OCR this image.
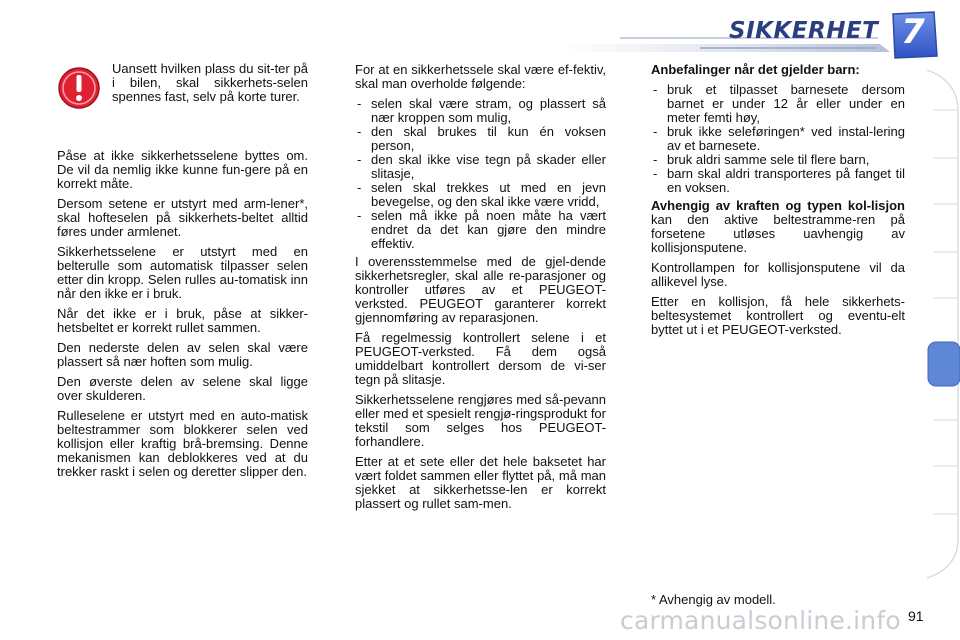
SIKKERHET 7
Uansett hvilken plass du sit-ter på i bilen, skal sikkerhets-selen spennes fast, selv på korte turer.

Påse at ikke sikkerhetsselene byttes om. De vil da nemlig ikke kunne fun-gere på en korrekt måte.

Dersom setene er utstyrt med arm-lener*, skal hofteselen på sikkerhets-beltet alltid føres under armlenet.

Sikkerhetsselene er utstyrt med en belterulle som automatisk tilpasser selen etter din kropp. Selen rulles au-tomatisk inn når den ikke er i bruk.

Når det ikke er i bruk, påse at sikker-hetsbeltet er korrekt rullet sammen.

Den nederste delen av selen skal være plassert så nær hoften som mulig.

Den øverste delen av selene skal ligge over skulderen.

Rulleselene er utstyrt med en auto-matisk beltestrammer som blokkerer selen ved kollisjon eller kraftig brå-bremsing. Denne mekanismen kan deblokkeres ved at du trekker raskt i selen og deretter slipper den.

For at en sikkerhetssele skal være ef-fektiv, skal man overholde følgende:

- selen skal være stram, og plassert så nær kroppen som mulig,
- den skal brukes til kun én voksen person,
- den skal ikke vise tegn på skader eller slitasje,
- selen skal trekkes ut med en jevn bevegelse, og den skal ikke være vridd,
- selen må ikke på noen måte ha vært endret da det kan gjøre den mindre effektiv.

I overensstemmelse med de gjel-dende sikkerhetsregler, skal alle re-parasjoner og kontroller utføres av et PEUGEOT-verksted. PEUGEOT garanterer korrekt gjennomføring av reparasjonen.

Få regelmessig kontrollert selene i et PEUGEOT-verksted. Få dem også umiddelbart kontrollert dersom de vi-ser tegn på slitasje.

Sikkerhetsselene rengjøres med så-pevann eller med et spesielt rengjø-ringsprodukt for tekstil som selges hos PEUGEOT-forhandlere.

Etter at et sete eller det hele baksetet har vært foldet sammen eller flyttet på, må man sjekket at sikkerhetsse-len er korrekt plassert og rullet sam-men.

Anbefalinger når det gjelder barn:

- bruk et tilpasset barnesete dersom barnet er under 12 år eller under en meter femti høy,
- bruk ikke seleføringen* ved instal-lering av et barnesete.
- bruk aldri samme sele til flere barn,
- barn skal aldri transporteres på fanget til en voksen.

Avhengig av kraften og typen kol-lisjon kan den aktive beltestramme-ren på forsetene utløses uavhengig av kollisjonsputene.

Kontrollampen for kollisjonsputene vil da allikevel lyse.

Etter en kollisjon, få hele sikkerhets-beltesystemet kontrollert og eventu-elt byttet ut i et PEUGEOT-verksted.

* Avhengig av modell.
carmanualsonline.info 91
